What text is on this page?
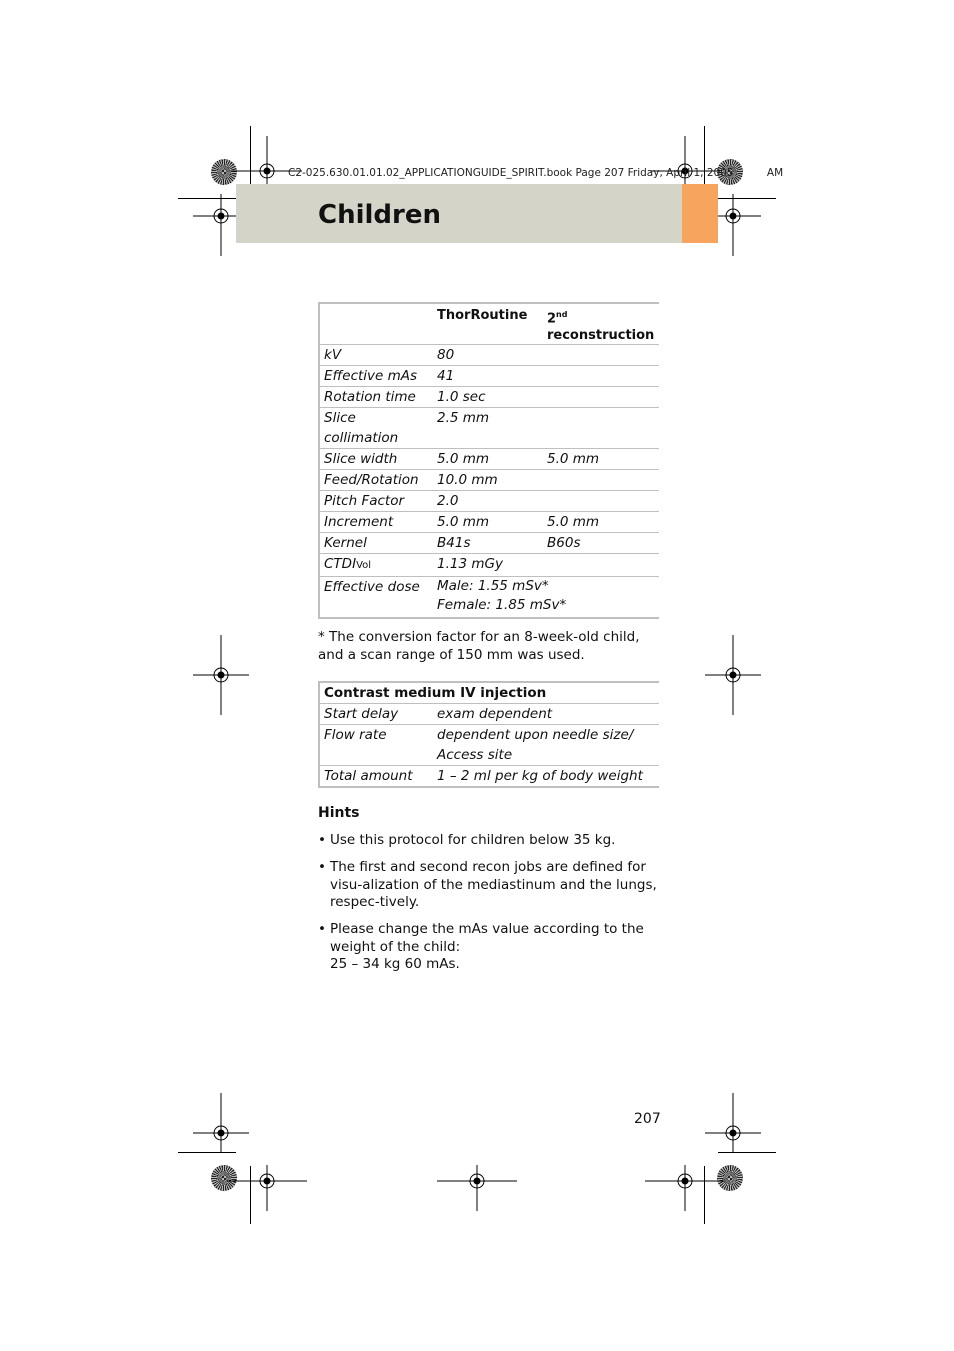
C2-025.630.01.01.02_APPLICATIONGUIDE_SPIRIT.book Page 207 Friday, April 1, 2005	AM
Children
	ThorRoutine	2nd
reconstruction
kV	80	
Effective mAs	41	
Rotation time	1.0 sec	
Slice
collimation	2.5 mm	
Slice width	5.0 mm	5.0 mm
Feed/Rotation	10.0 mm	
Pitch Factor	2.0	
Increment	5.0 mm	5.0 mm
Kernel	B41s	B60s
CTDIVol	1.13 mGy	
Effective dose	Male: 1.55 mSv*
Female: 1.85 mSv*	
* The conversion factor for an 8-week-old child, and a scan range of 150 mm was used.
Contrast medium IV injection	
Start delay	exam dependent
Flow rate	dependent upon needle size/
Access site
Total amount	1 – 2 ml per kg of body weight
Hints
• Use this protocol for children below 35 kg.
• The first and second recon jobs are defined for visu-alization of the mediastinum and the lungs, respec-tively.
• Please change the mAs value according to the weight of the child:
25 – 34 kg 60 mAs.
207
